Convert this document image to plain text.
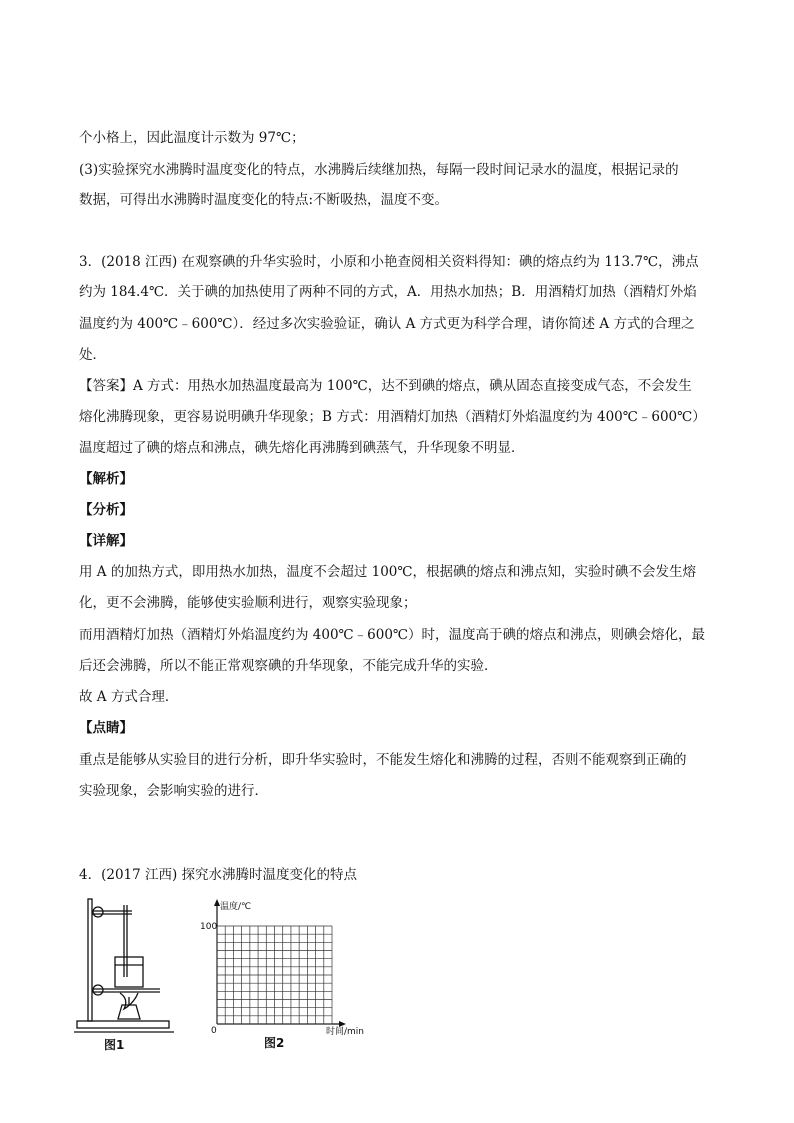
个小格上，因此温度计示数为 97℃；
(3)实验探究水沸腾时温度变化的特点，水沸腾后续继加热，每隔一段时间记录水的温度，根据记录的
数据，可得出水沸腾时温度变化的特点:不断吸热，温度不变。
3．(2018 江西) 在观察碘的升华实验时，小原和小艳查阅相关资料得知：碘的熔点约为 113.7℃，沸点
约为 184.4℃．关于碘的加热使用了两种不同的方式，A．用热水加热；B．用酒精灯加热（酒精灯外焰
温度约为 400℃﹣600℃）．经过多次实验验证，确认 A 方式更为科学合理，请你简述 A 方式的合理之
处．
【答案】A 方式：用热水加热温度最高为 100℃，达不到碘的熔点，碘从固态直接变成气态，不会发生
熔化沸腾现象，更容易说明碘升华现象；B 方式：用酒精灯加热（酒精灯外焰温度约为 400℃﹣600℃）
温度超过了碘的熔点和沸点，碘先熔化再沸腾到碘蒸气，升华现象不明显．
【解析】
【分析】
【详解】
用 A 的加热方式，即用热水加热，温度不会超过 100℃，根据碘的熔点和沸点知，实验时碘不会发生熔
化，更不会沸腾，能够使实验顺利进行，观察实验现象；
而用酒精灯加热（酒精灯外焰温度约为 400℃﹣600℃）时，温度高于碘的熔点和沸点，则碘会熔化，最
后还会沸腾，所以不能正常观察碘的升华现象，不能完成升华的实验．
故 A 方式合理．
【点睛】
重点是能够从实验目的进行分析，即升华实验时，不能发生熔化和沸腾的过程，否则不能观察到正确的
实验现象，会影响实验的进行．
4．(2017 江西) 探究水沸腾时温度变化的特点
图1
温度/℃
100
0	时间/min
图2
